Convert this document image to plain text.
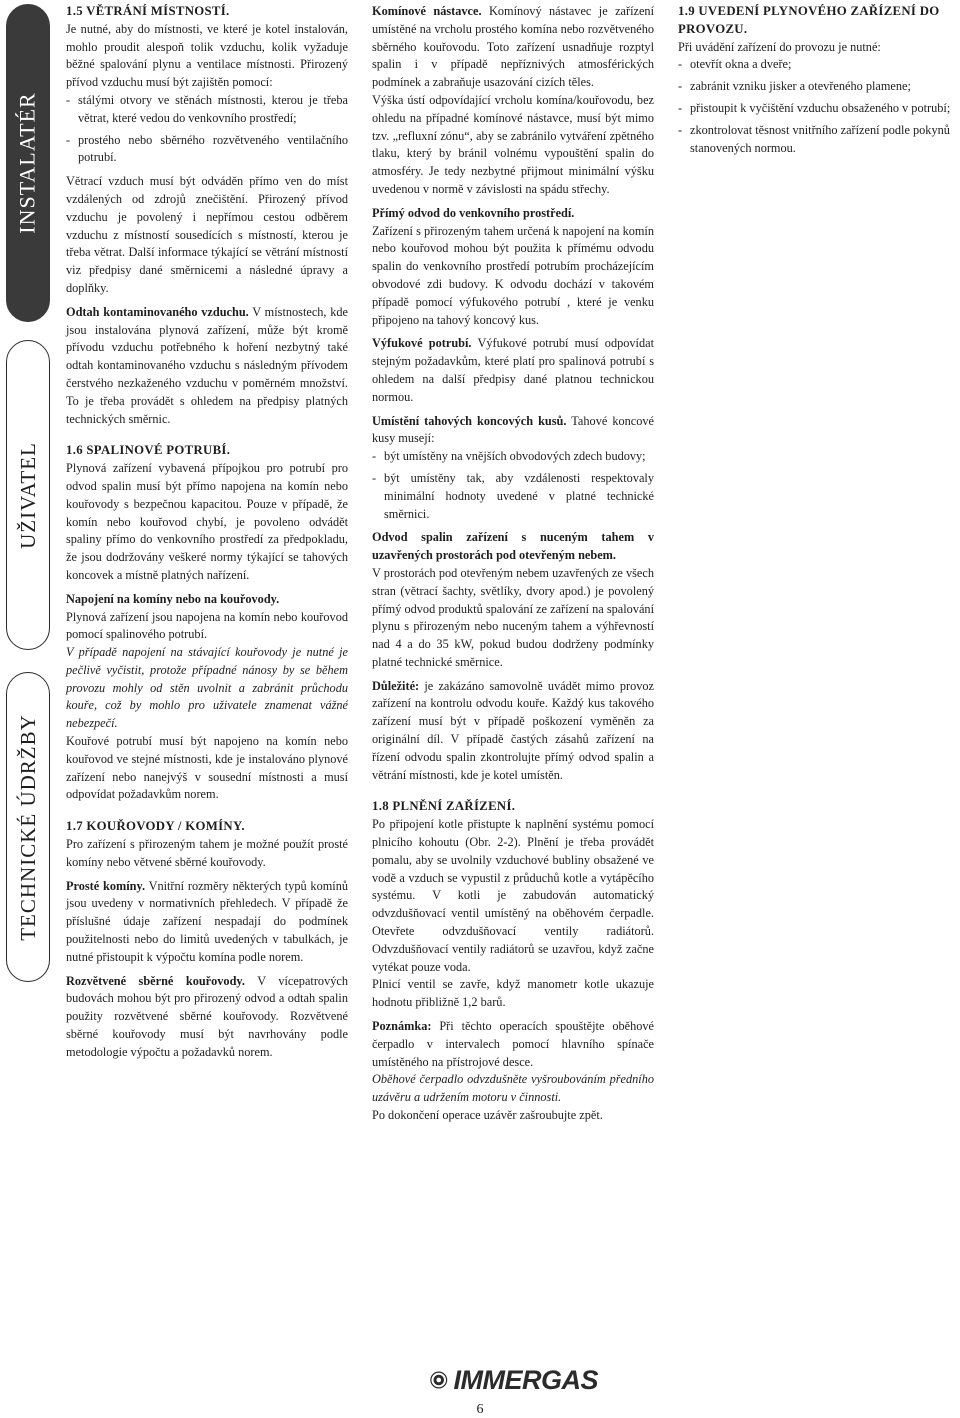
INSTALATÉR
UŽIVATEL
TECHNICKÉ ÚDRŽBY
1.5 VĚTRÁNÍ MÍSTNOSTÍ.

Je nutné, aby do místnosti, ve které je kotel instalován, mohlo proudit alespoň tolik vzduchu, kolik vyžaduje běžné spalování plynu a ventilace místnosti. Přirozený přívod vzduchu musí být zajištěn pomocí:

- stálými otvory ve stěnách místnosti, kterou je třeba větrat, které vedou do venkovního prostředí;
- prostého nebo sběrného rozvětveného ventilačního potrubí.

Větrací vzduch musí být odváděn přímo ven do míst vzdálených od zdrojů znečištění. Přirozený přívod vzduchu je povolený i nepřímou cestou odběrem vzduchu z místností sousedících s místností, kterou je třeba větrat. Další informace týkající se větrání místností viz předpisy dané směrnicemi a následné úpravy a doplňky.

Odtah kontaminovaného vzduchu. V místnostech, kde jsou instalována plynová zařízení, může být kromě přívodu vzduchu potřebného k hoření nezbytný také odtah kontaminovaného vzduchu s následným přívodem čerstvého nezkaženého vzduchu v poměrném množství. To je třeba provádět s ohledem na předpisy platných technických směrnic.

1.6 SPALINOVÉ POTRUBÍ.

Plynová zařízení vybavená přípojkou pro potrubí pro odvod spalin musí být přímo napojena na komín nebo kouřovody s bezpečnou kapacitou. Pouze v případě, že komín nebo kouřovod chybí, je povoleno odvádět spaliny přímo do venkovního prostředí za předpokladu, že jsou dodržovány veškeré normy týkající se tahových koncovek a místně platných nařízení.

Napojení na komíny nebo na kouřovody.
Plynová zařízení jsou napojena na komín nebo kouřovod pomocí spalinového potrubí.

V případě napojení na stávající kouřovody je nutné je pečlivě vyčistit, protože případné nánosy by se během provozu mohly od stěn uvolnit a zabránit průchodu kouře, což by mohlo pro uživatele znamenat vážné nebezpečí.

Kouřové potrubí musí být napojeno na komín nebo kouřovod ve stejné místnosti, kde je instalováno plynové zařízení nebo nanejvýš v sousední místnosti a musí odpovídat požadavkům norem.

1.7 KOUŘOVODY / KOMÍNY.

Pro zařízení s přirozeným tahem je možné použít prosté komíny nebo větvené sběrné kouřovody.

Prosté komíny. Vnitřní rozměry některých typů komínů jsou uvedeny v normativních přehledech. V případě že příslušné údaje zařízení nespadají do podmínek použitelnosti nebo do limitů uvedených v tabulkách, je nutné přistoupit k výpočtu komína podle norem.

Rozvětvené sběrné kouřovody. V vícepatrových budovách mohou být pro přirozený odvod a odtah spalin použity rozvětvené sběrné kouřovody. Rozvětvené sběrné kouřovody musí být navrhovány podle metodologie výpočtu a požadavků norem.

Komínové nástavce. Komínový nástavec je zařízení umístěné na vrcholu prostého komína nebo rozvětveného sběrného kouřovodu. Toto zařízení usnadňuje rozptyl spalin i v případě nepříznivých atmosférických podmínek a zabraňuje usazování cizích těles.

Výška ústí odpovídající vrcholu komína/kouřovodu, bez ohledu na případné komínové nástavce, musí být mimo tzv. „refluxní zónu“, aby se zabránilo vytváření zpětného tlaku, který by bránil volnému vypouštění spalin do atmosféry. Je tedy nezbytné přijmout minimální výšku uvedenou v normě v závislosti na spádu střechy.

Přímý odvod do venkovního prostředí.
Zařízení s přirozeným tahem určená k napojení na komín nebo kouřovod mohou být použita k přímému odvodu spalin do venkovního prostředí potrubím procházejícím obvodové zdi budovy. K odvodu dochází v takovém případě pomocí výfukového potrubí , které je venku připojeno na tahový koncový kus.

Výfukové potrubí. Výfukové potrubí musí odpovídat stejným požadavkům, které platí pro spalinová potrubí s ohledem na další předpisy dané platnou technickou normou.

Umístění tahových koncových kusů. Tahové koncové kusy musejí:

- být umístěny na vnějších obvodových zdech budovy;
- být umístěny tak, aby vzdálenosti respektovaly minimální hodnoty uvedené v platné technické směrnici.

Odvod spalin zařízení s nuceným tahem v uzavřených prostorách pod otevřeným nebem.
V prostorách pod otevřeným nebem uzavřených ze všech stran (větrací šachty, světlíky, dvory apod.) je povolený přímý odvod produktů spalování ze zařízení na spalování plynu s přirozeným nebo nuceným tahem a výhřevností nad 4 a do 35 kW, pokud budou dodrženy podmínky platné technické směrnice.

Důležité: je zakázáno samovolně uvádět mimo provoz zařízení na kontrolu odvodu kouře. Každý kus takového zařízení musí být v případě poškození vyměněn za originální díl. V případě častých zásahů zařízení na řízení odvodu spalin zkontrolujte přímý odvod spalin a větrání místnosti, kde je kotel umístěn.

1.8 PLNĚNÍ ZAŘÍZENÍ.

Po připojení kotle přistupte k naplnění systému pomocí plnicího kohoutu (Obr. 2-2). Plnění je třeba provádět pomalu, aby se uvolnily vzduchové bubliny obsažené ve vodě a vzduch se vypustil z průduchů kotle a vytápěcího systému. V kotli je zabudován automatický odvzdušňovací ventil umístěný na oběhovém čerpadle. Otevřete odvzdušňovací ventily radiátorů. Odvzdušňovací ventily radiátorů se uzavřou, když začne vytékat pouze voda.

Plnicí ventil se zavře, když manometr kotle ukazuje hodnotu přibližně 1,2 barů.

Poznámka: Při těchto operacích spouštějte oběhové čerpadlo v intervalech pomocí hlavního spínače umístěného na přístrojové desce.

Oběhové čerpadlo odvzdušněte vyšroubováním předního uzávěru a udržením motoru v činnosti.

Po dokončení operace uzávěr zašroubujte zpět.

1.9 UVEDENÍ PLYNOVÉHO ZAŘÍZENÍ DO PROVOZU.

Při uvádění zařízení do provozu je nutné:

- otevřít okna a dveře;
- zabránit vzniku jisker a otevřeného plamene;
- přistoupit k vyčištění vzduchu obsaženého v potrubí;
- zkontrolovat těsnost vnitřního zařízení podle pokynů stanovených normou.
IMMERGAS
6
